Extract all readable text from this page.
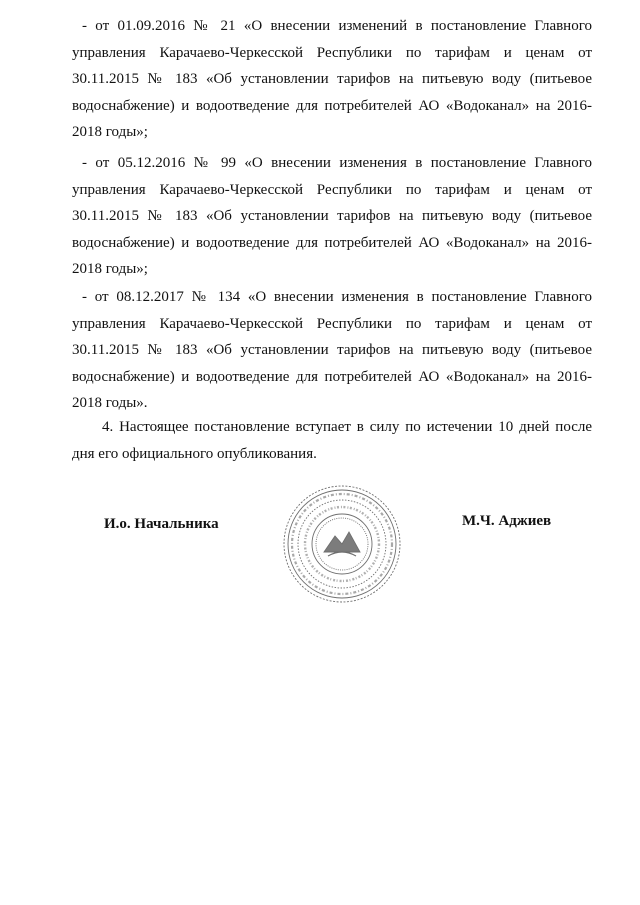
- от 01.09.2016 № 21 «О внесении изменений в постановление Главного управления Карачаево-Черкесской Республики по тарифам и ценам от 30.11.2015 № 183 «Об установлении тарифов на питьевую воду (питьевое водоснабжение) и водоотведение для потребителей АО «Водоканал» на 2016-2018 годы»;

- от 05.12.2016 № 99 «О внесении изменения в постановление Главного управления Карачаево-Черкесской Республики по тарифам и ценам от 30.11.2015 № 183 «Об установлении тарифов на питьевую воду (питьевое водоснабжение) и водоотведение для потребителей АО «Водоканал» на 2016-2018 годы»;

- от 08.12.2017 № 134 «О внесении изменения в постановление Главного управления Карачаево-Черкесской Республики по тарифам и ценам от 30.11.2015 № 183 «Об установлении тарифов на питьевую воду (питьевое водоснабжение) и водоотведение для потребителей АО «Водоканал» на 2016-2018 годы».

4. Настоящее постановление вступает в силу по истечении 10 дней после дня его официального опубликования.

И.о. Начальника	М.Ч. Аджиев
